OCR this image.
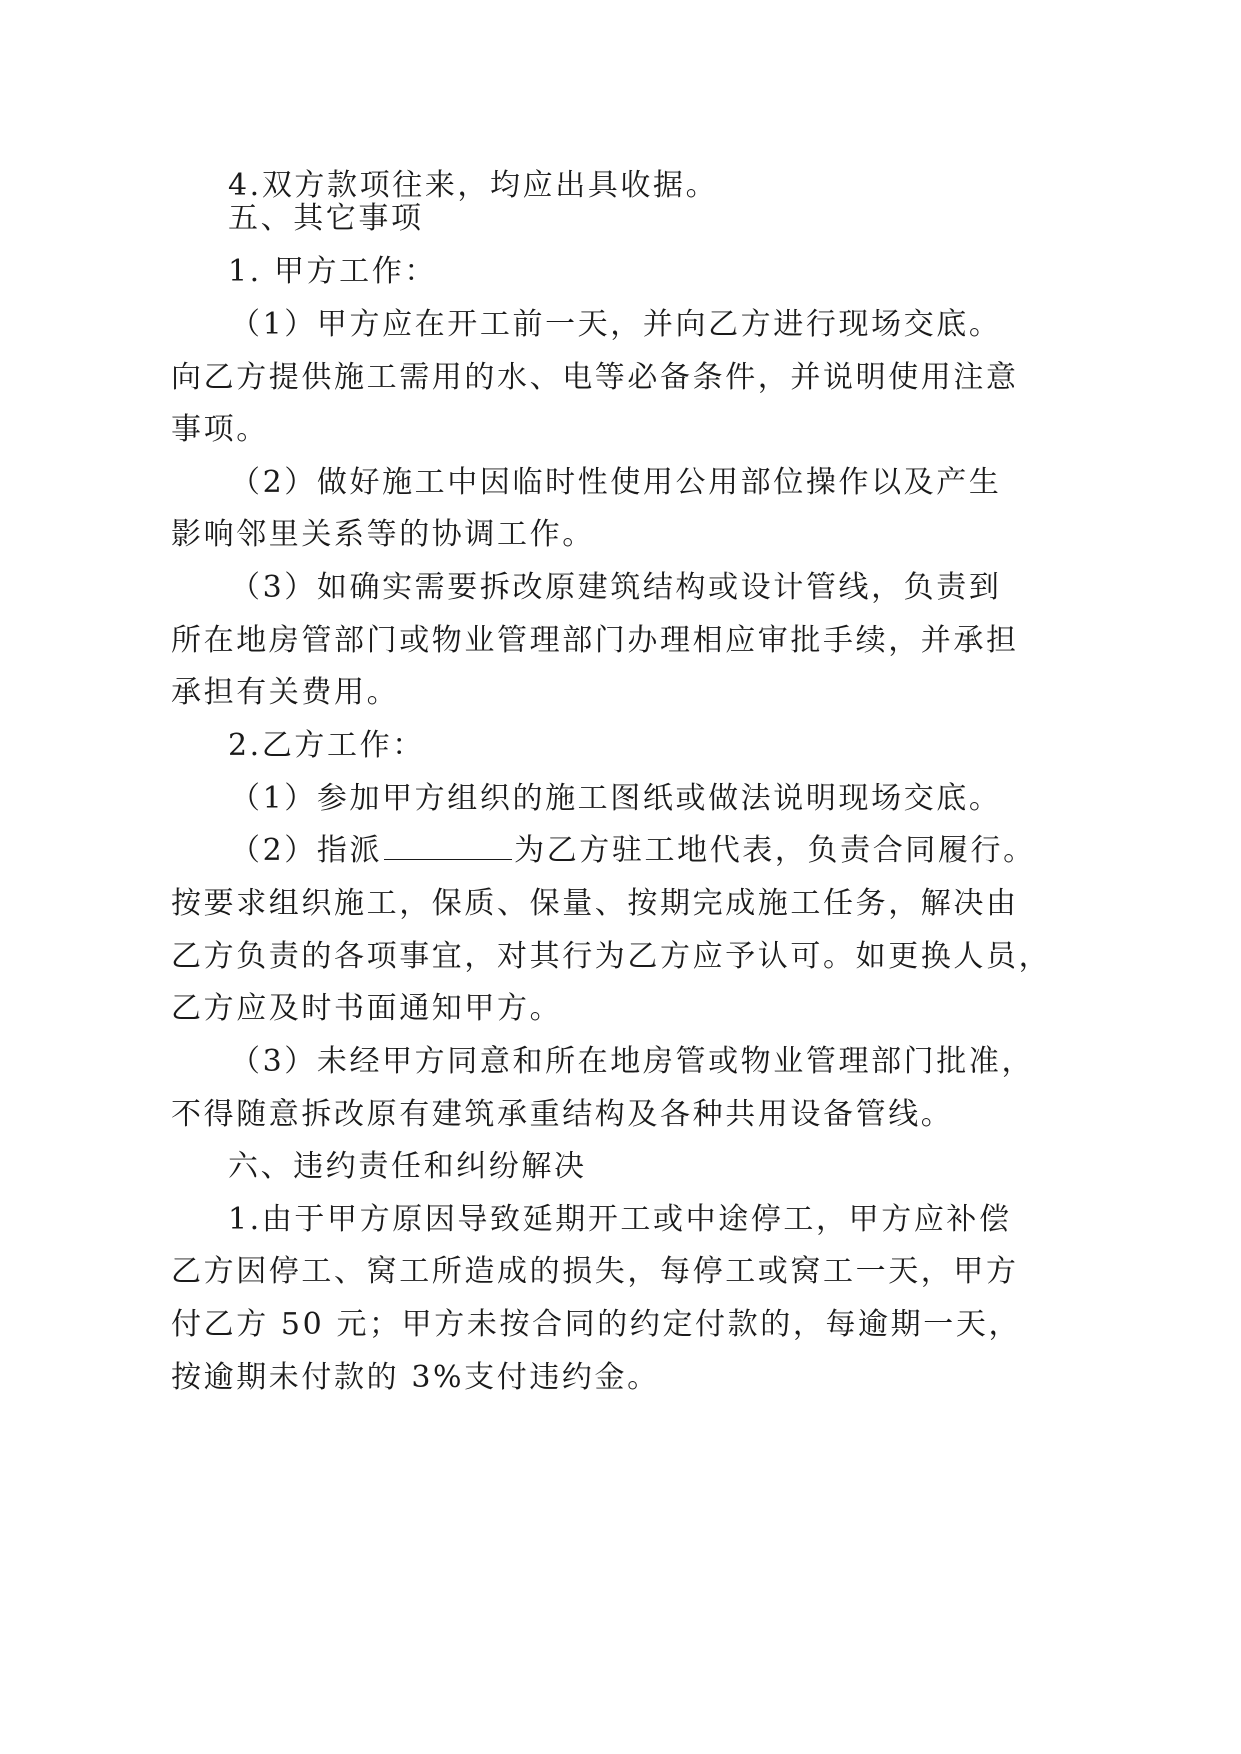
4.双方款项往来，均应出具收据。
五、其它事项
1. 甲方工作：
（1）甲方应在开工前一天，并向乙方进行现场交底。
向乙方提供施工需用的水、电等必备条件，并说明使用注意
事项。
（2）做好施工中因临时性使用公用部位操作以及产生
影响邻里关系等的协调工作。
（3）如确实需要拆改原建筑结构或设计管线，负责到
所在地房管部门或物业管理部门办理相应审批手续，并承担
承担有关费用。
2.乙方工作：
（1）参加甲方组织的施工图纸或做法说明现场交底。
（2）指派	为乙方驻工地代表，负责合同履行。
按要求组织施工，保质、保量、按期完成施工任务，解决由
乙方负责的各项事宜，对其行为乙方应予认可。如更换人员，
乙方应及时书面通知甲方。
（3）未经甲方同意和所在地房管或物业管理部门批准，
不得随意拆改原有建筑承重结构及各种共用设备管线。
六、违约责任和纠纷解决
1.由于甲方原因导致延期开工或中途停工，甲方应补偿
乙方因停工、窝工所造成的损失，每停工或窝工一天，甲方
付乙方 50 元；甲方未按合同的约定付款的，每逾期一天，
按逾期未付款的 3%支付违约金。
